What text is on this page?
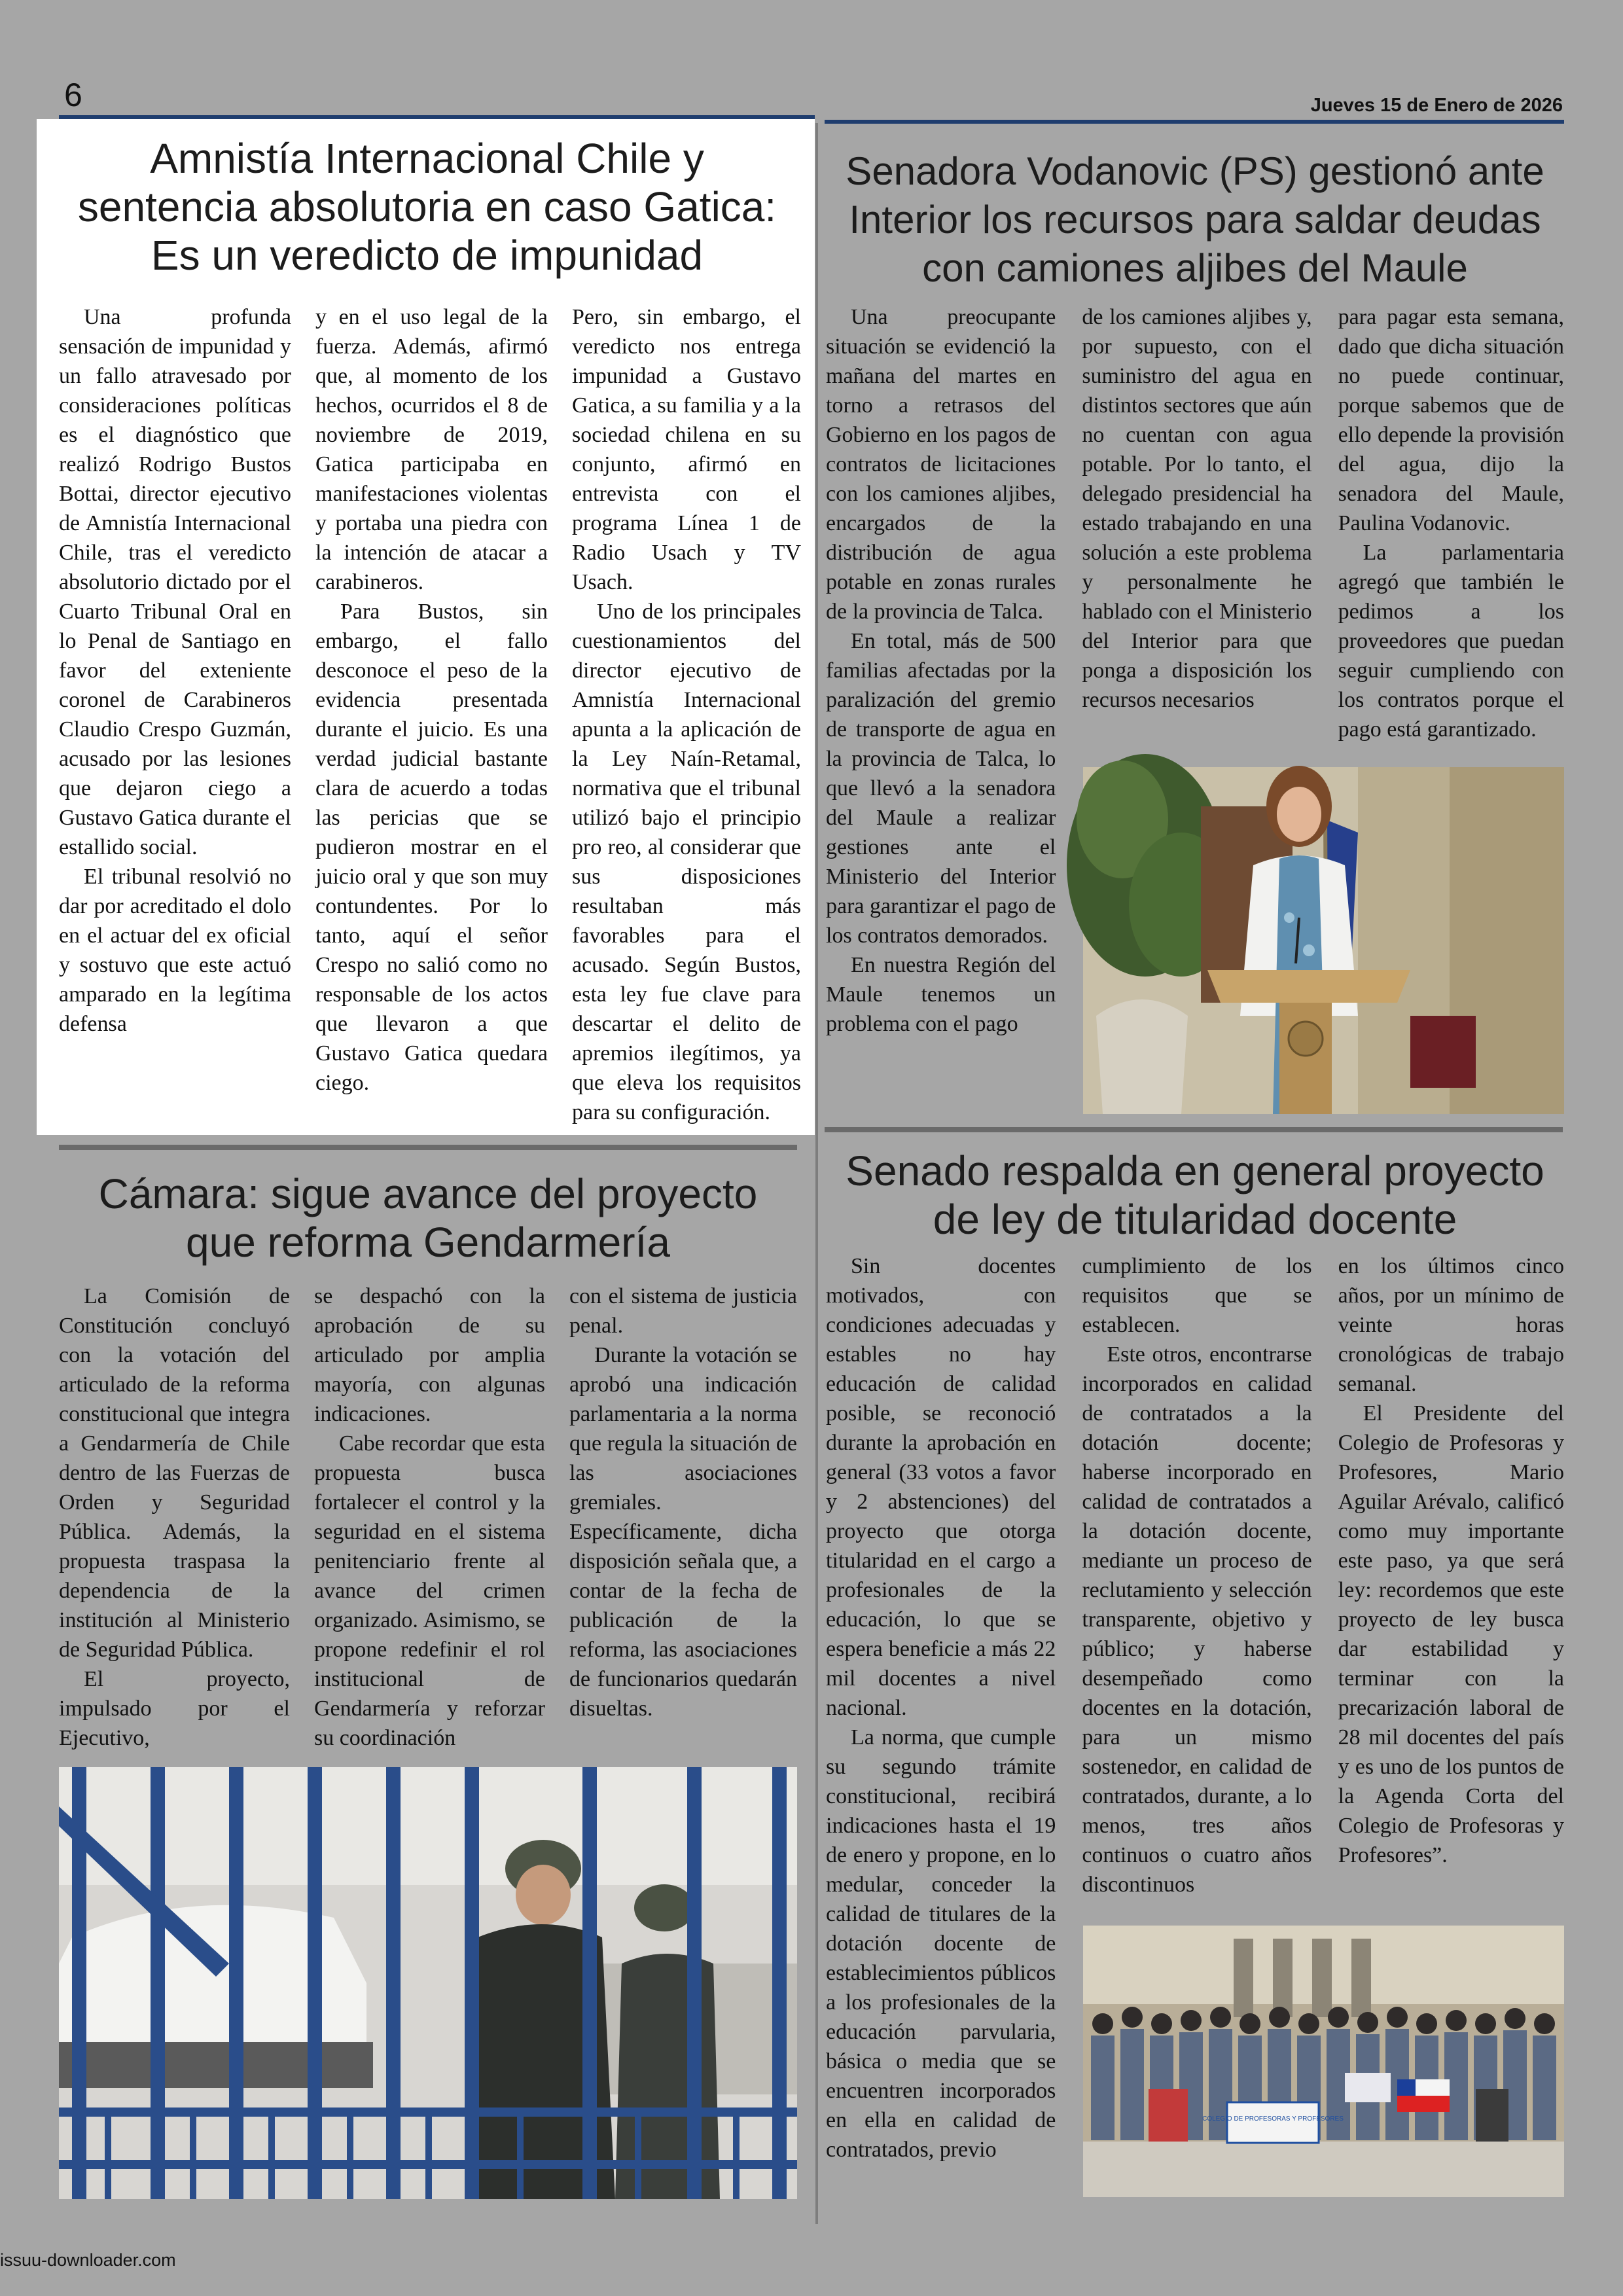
6	Jueves 15 de Enero de 2026
Amnistía Internacional Chile y
sentencia absolutoria en caso Gatica:
Es un veredicto de impunidad

Una profunda sensación de impunidad y un fallo atravesado por consideraciones políticas es el diagnóstico que realizó Rodrigo Bustos Bottai, director ejecutivo de Amnistía Internacional Chile, tras el veredicto absolutorio dictado por el Cuarto Tribunal Oral en lo Penal de Santiago en favor del exteniente coronel de Carabineros Claudio Crespo Guzmán, acusado por las lesiones que dejaron ciego a Gustavo Gatica durante el estallido social.

El tribunal resolvió no dar por acreditado el dolo en el actuar del ex oficial y sostuvo que este actuó amparado en la legítima defensa

y en el uso legal de la fuerza. Además, afirmó que, al momento de los hechos, ocurridos el 8 de noviembre de 2019, Gatica participaba en manifestaciones violentas y portaba una piedra con la intención de atacar a carabineros.

Para Bustos, sin embargo, el fallo desconoce el peso de la evidencia presentada durante el juicio. Es una verdad judicial bastante clara de acuerdo a todas las pericias que se pudieron mostrar en el juicio oral y que son muy contundentes. Por lo tanto, aquí el señor Crespo no salió como no responsable de los actos que llevaron a que Gustavo Gatica quedara ciego.

Pero, sin embargo, el veredicto nos entrega impunidad a Gustavo Gatica, a su familia y a la sociedad chilena en su conjunto, afirmó en entrevista con el programa Línea 1 de Radio Usach y TV Usach.

Uno de los principales cuestionamientos del director ejecutivo de Amnistía Internacional apunta a la aplicación de la Ley Naín-Retamal, normativa que el tribunal utilizó bajo el principio pro reo, al considerar que sus disposiciones resultaban más favorables para el acusado. Según Bustos, esta ley fue clave para descartar el delito de apremios ilegítimos, ya que eleva los requisitos para su configuración.

Senadora Vodanovic (PS) gestionó ante
Interior los recursos para saldar deudas
con camiones aljibes del Maule

Una preocupante situación se evidenció la mañana del martes en torno a retrasos del Gobierno en los pagos de contratos de licitaciones con los camiones aljibes, encargados de la distribución de agua potable en zonas rurales de la provincia de Talca.

En total, más de 500 familias afectadas por la paralización del gremio de transporte de agua en la provincia de Talca, lo que llevó a la senadora del Maule a realizar gestiones ante el Ministerio del Interior para garantizar el pago de los contratos demorados.

En nuestra Región del Maule tenemos un problema con el pago

de los camiones aljibes y, por supuesto, con el suministro del agua en distintos sectores que aún no cuentan con agua potable. Por lo tanto, el delegado presidencial ha estado trabajando en una solución a este problema y personalmente he hablado con el Ministerio del Interior para que ponga a disposición los recursos necesarios

para pagar esta semana, dado que dicha situación no puede continuar, porque sabemos que de ello depende la provisión del agua, dijo la senadora del Maule, Paulina Vodanovic.

La parlamentaria agregó que también le pedimos a los proveedores que puedan seguir cumpliendo con los contratos porque el pago está garantizado.

Cámara: sigue avance del proyecto
que reforma Gendarmería

La Comisión de Constitución concluyó con la votación del articulado de la reforma constitucional que integra a Gendarmería de Chile dentro de las Fuerzas de Orden y Seguridad Pública. Además, la propuesta traspasa la dependencia de la institución al Ministerio de Seguridad Pública.

El proyecto, impulsado por el Ejecutivo,

se despachó con la aprobación de su articulado por amplia mayoría, con algunas indicaciones.

Cabe recordar que esta propuesta busca fortalecer el control y la seguridad en el sistema penitenciario frente al avance del crimen organizado. Asimismo, se propone redefinir el rol institucional de Gendarmería y reforzar su coordinación

con el sistema de justicia penal.

Durante la votación se aprobó una indicación parlamentaria a la norma que regula la situación de las asociaciones gremiales. Específicamente, dicha disposición señala que, a contar de la fecha de publicación de la reforma, las asociaciones de funcionarios quedarán disueltas.

Senado respalda en general proyecto
de ley de titularidad docente

Sin docentes motivados, con condiciones adecuadas y estables no hay educación de calidad posible, se reconoció durante la aprobación en general (33 votos a favor y 2 abstenciones) del proyecto que otorga titularidad en el cargo a profesionales de la educación, lo que se espera beneficie a más 22 mil docentes a nivel nacional.

La norma, que cumple su segundo trámite constitucional, recibirá indicaciones hasta el 19 de enero y propone, en lo medular, conceder la calidad de titulares de la dotación docente de establecimientos públicos a los profesionales de la educación parvularia, básica o media que se encuentren incorporados en ella en calidad de contratados, previo

cumplimiento de los requisitos que se establecen.

Este otros, encontrarse incorporados en calidad de contratados a la dotación docente; haberse incorporado en calidad de contratados a la dotación docente, mediante un proceso de reclutamiento y selección transparente, objetivo y público; y haberse desempeñado como docentes en la dotación, para un mismo sostenedor, en calidad de contratados, durante, a lo menos, tres años continuos o cuatro años discontinuos

en los últimos cinco años, por un mínimo de veinte horas cronológicas de trabajo semanal.

El Presidente del Colegio de Profesoras y Profesores, Mario Aguilar Arévalo, calificó como muy importante este paso, ya que será ley: recordemos que este proyecto de ley busca dar estabilidad y terminar con la precarización laboral de 28 mil docentes del país y es uno de los puntos de la Agenda Corta del Colegio de Profesoras y Profesores”.

COLEGIO DE PROFESORAS Y PROFESORES
issuu-downloader.com
